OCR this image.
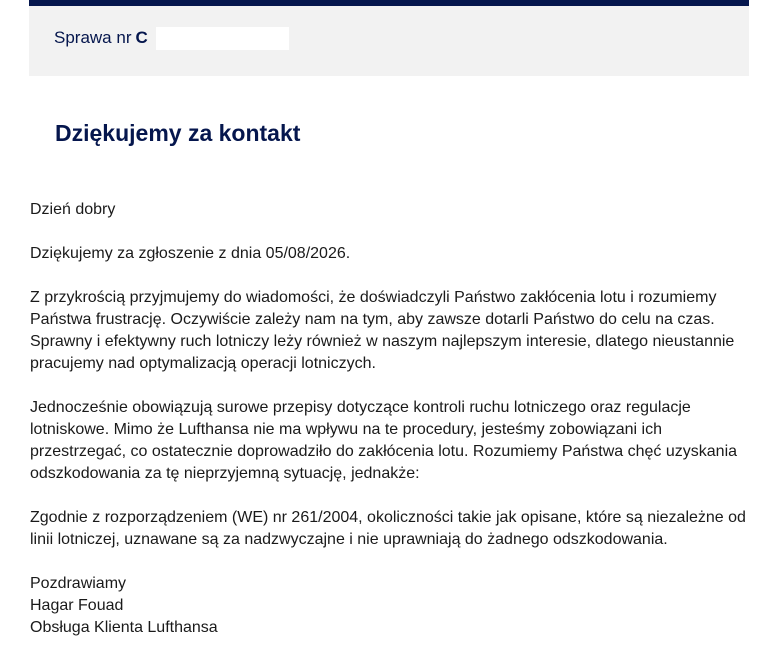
Sprawa nr C
Dziękujemy za kontakt

Dzień dobry

Dziękujemy za zgłoszenie z dnia 05/08/2026.

Z przykrością przyjmujemy do wiadomości, że doświadczyli Państwo zakłócenia lotu i rozumiemy Państwa frustrację. Oczywiście zależy nam na tym, aby zawsze dotarli Państwo do celu na czas. Sprawny i efektywny ruch lotniczy leży również w naszym najlepszym interesie, dlatego nieustannie pracujemy nad optymalizacją operacji lotniczych.

Jednocześnie obowiązują surowe przepisy dotyczące kontroli ruchu lotniczego oraz regulacje lotniskowe. Mimo że Lufthansa nie ma wpływu na te procedury, jesteśmy zobowiązani ich przestrzegać, co ostatecznie doprowadziło do zakłócenia lotu. Rozumiemy Państwa chęć uzyskania odszkodowania za tę nieprzyjemną sytuację, jednakże:

Zgodnie z rozporządzeniem (WE) nr 261/2004, okoliczności takie jak opisane, które są niezależne od linii lotniczej, uznawane są za nadzwyczajne i nie uprawniają do żadnego odszkodowania.

Pozdrawiamy
Hagar Fouad
Obsługa Klienta Lufthansa
